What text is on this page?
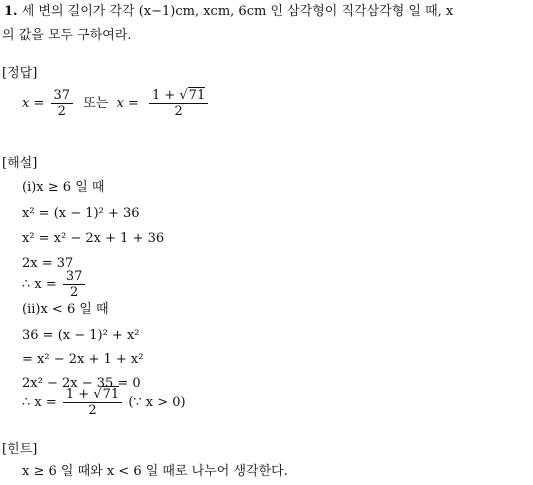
1. 세 변의 길이가 각각 (x−1)cm, xcm, 6cm 인 삼각형이 직각삼각형 일 때, x
의 값을 모두 구하여라.
[정답]
$x = \frac{37}{2}$ 또는 $x = \frac{1 + √71}{2}$
[해설]
(i)x ≥ 6 일 때
x² = (x − 1)² + 36
x² = x² − 2x + 1 + 36
2x = 37
∴ $x = \frac{37}{2}$
(ii)x < 6 일 때
36 = (x − 1)² + x²
= x² − 2x + 1 + x²
2x² − 2x − 35 = 0
∴ $x = \frac{1 + √71}{2}$ (∵ x > 0)
[힌트]
x ≥ 6 일 때와 x < 6 일 때로 나누어 생각한다.
